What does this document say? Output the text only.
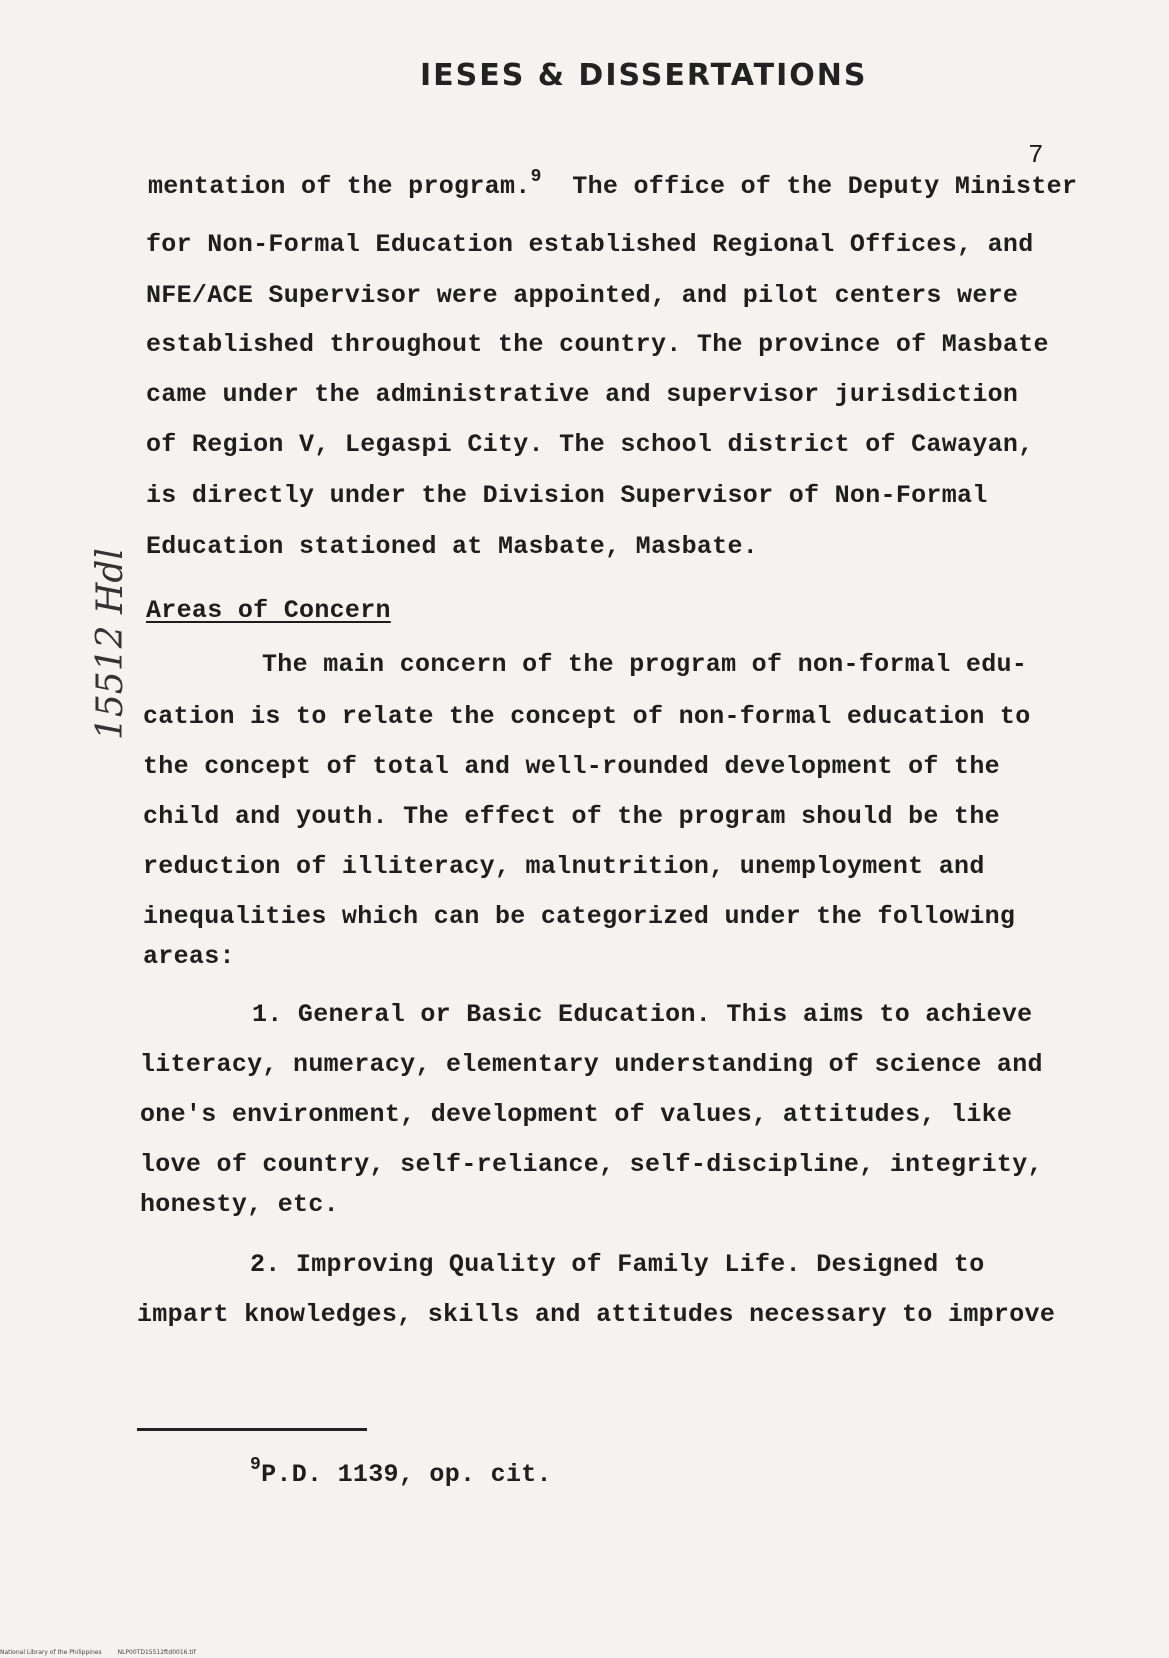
IESES & DISSERTATIONS
7
15512 Hdl
mentation of the program.$^9$ The office of the Deputy Minister
for Non-Formal Education established Regional Offices, and
NFE/ACE Supervisor were appointed, and pilot centers were
established throughout the country. The province of Masbate
came under the administrative and supervisor jurisdiction
of Region V, Legaspi City. The school district of Cawayan,
is directly under the Division Supervisor of Non-Formal
Education stationed at Masbate, Masbate.
Areas of Concern
The main concern of the program of non-formal edu-
cation is to relate the concept of non-formal education to
the concept of total and well-rounded development of the
child and youth. The effect of the program should be the
reduction of illiteracy, malnutrition, unemployment and
inequalities which can be categorized under the following
areas:
1. General or Basic Education. This aims to achieve
literacy, numeracy, elementary understanding of science and
one's environment, development of values, attitudes, like
love of country, self-reliance, self-discipline, integrity,
honesty, etc.
2. Improving Quality of Family Life. Designed to
impart knowledges, skills and attitudes necessary to improve
$^9$P.D. 1139, op. cit.
National Library of the Philippines	NLP00TD15512ftd0016.tif
